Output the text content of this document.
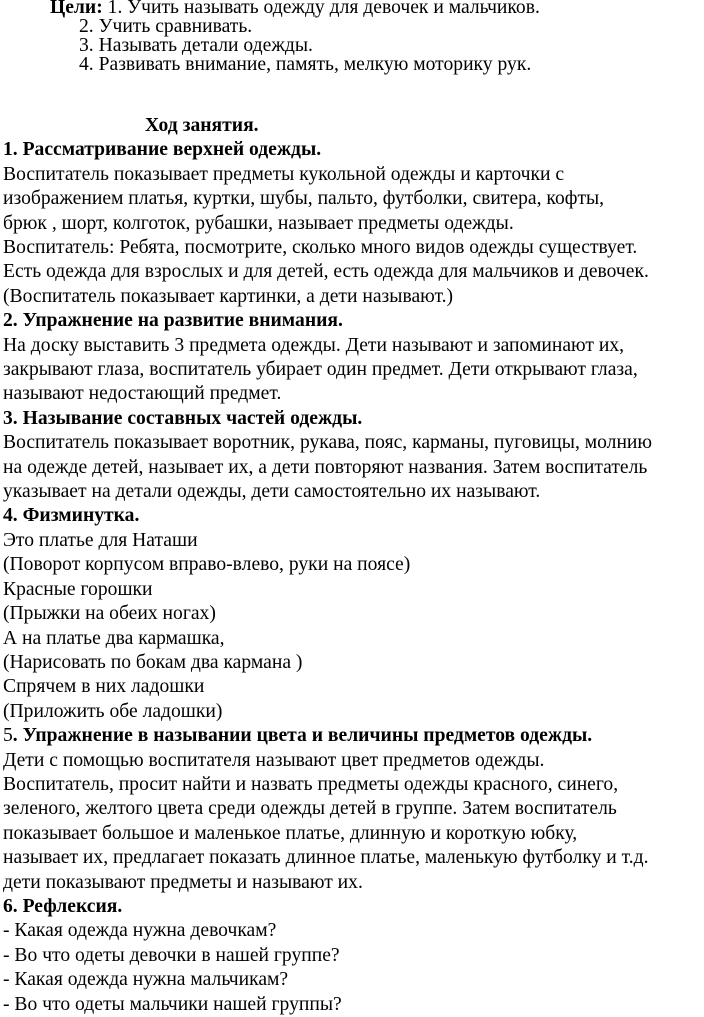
Цели: 1. Учить называть одежду для девочек и мальчиков.
2. Учить сравнивать.
3. Называть детали одежды.
4. Развивать внимание, память, мелкую моторику рук.
Ход занятия.
1. Рассматривание верхней одежды.
Воспитатель показывает предметы кукольной одежды и карточки с
изображением платья, куртки, шубы, пальто, футболки, свитера, кофты,
брюк , шорт, колготок, рубашки, называет предметы одежды.
Воспитатель: Ребята, посмотрите, сколько много видов одежды существует.
Есть одежда для взрослых и для детей, есть одежда для мальчиков и девочек.
(Воспитатель показывает картинки, а дети называют.)
2. Упражнение на развитие внимания.
На доску выставить 3 предмета одежды. Дети называют и запоминают их,
закрывают глаза, воспитатель убирает один предмет. Дети открывают глаза,
называют недостающий предмет.
3. Называние составных частей одежды.
Воспитатель показывает воротник, рукава, пояс, карманы, пуговицы, молнию
на одежде детей, называет их, а дети повторяют названия. Затем воспитатель
указывает на детали одежды, дети самостоятельно их называют.
4. Физминутка.
Это платье для Наташи
(Поворот корпусом вправо-влево, руки на поясе)
Красные горошки
(Прыжки на обеих ногах)
А на платье два кармашка,
(Нарисовать по бокам два кармана )
Спрячем в них ладошки
(Приложить обе ладошки)
5. Упражнение в назывании цвета и величины предметов одежды.
Дети с помощью воспитателя называют цвет предметов одежды.
Воспитатель, просит найти и назвать предметы одежды красного, синего,
зеленого, желтого цвета среди одежды детей в группе. Затем воспитатель
показывает большое и маленькое платье, длинную и короткую юбку,
называет их, предлагает показать длинное платье, маленькую футболку и т.д.
дети показывают предметы и называют их.
6. Рефлексия.
- Какая одежда нужна девочкам?
- Во что одеты девочки в нашей группе?
- Какая одежда нужна мальчикам?
- Во что одеты мальчики нашей группы?
